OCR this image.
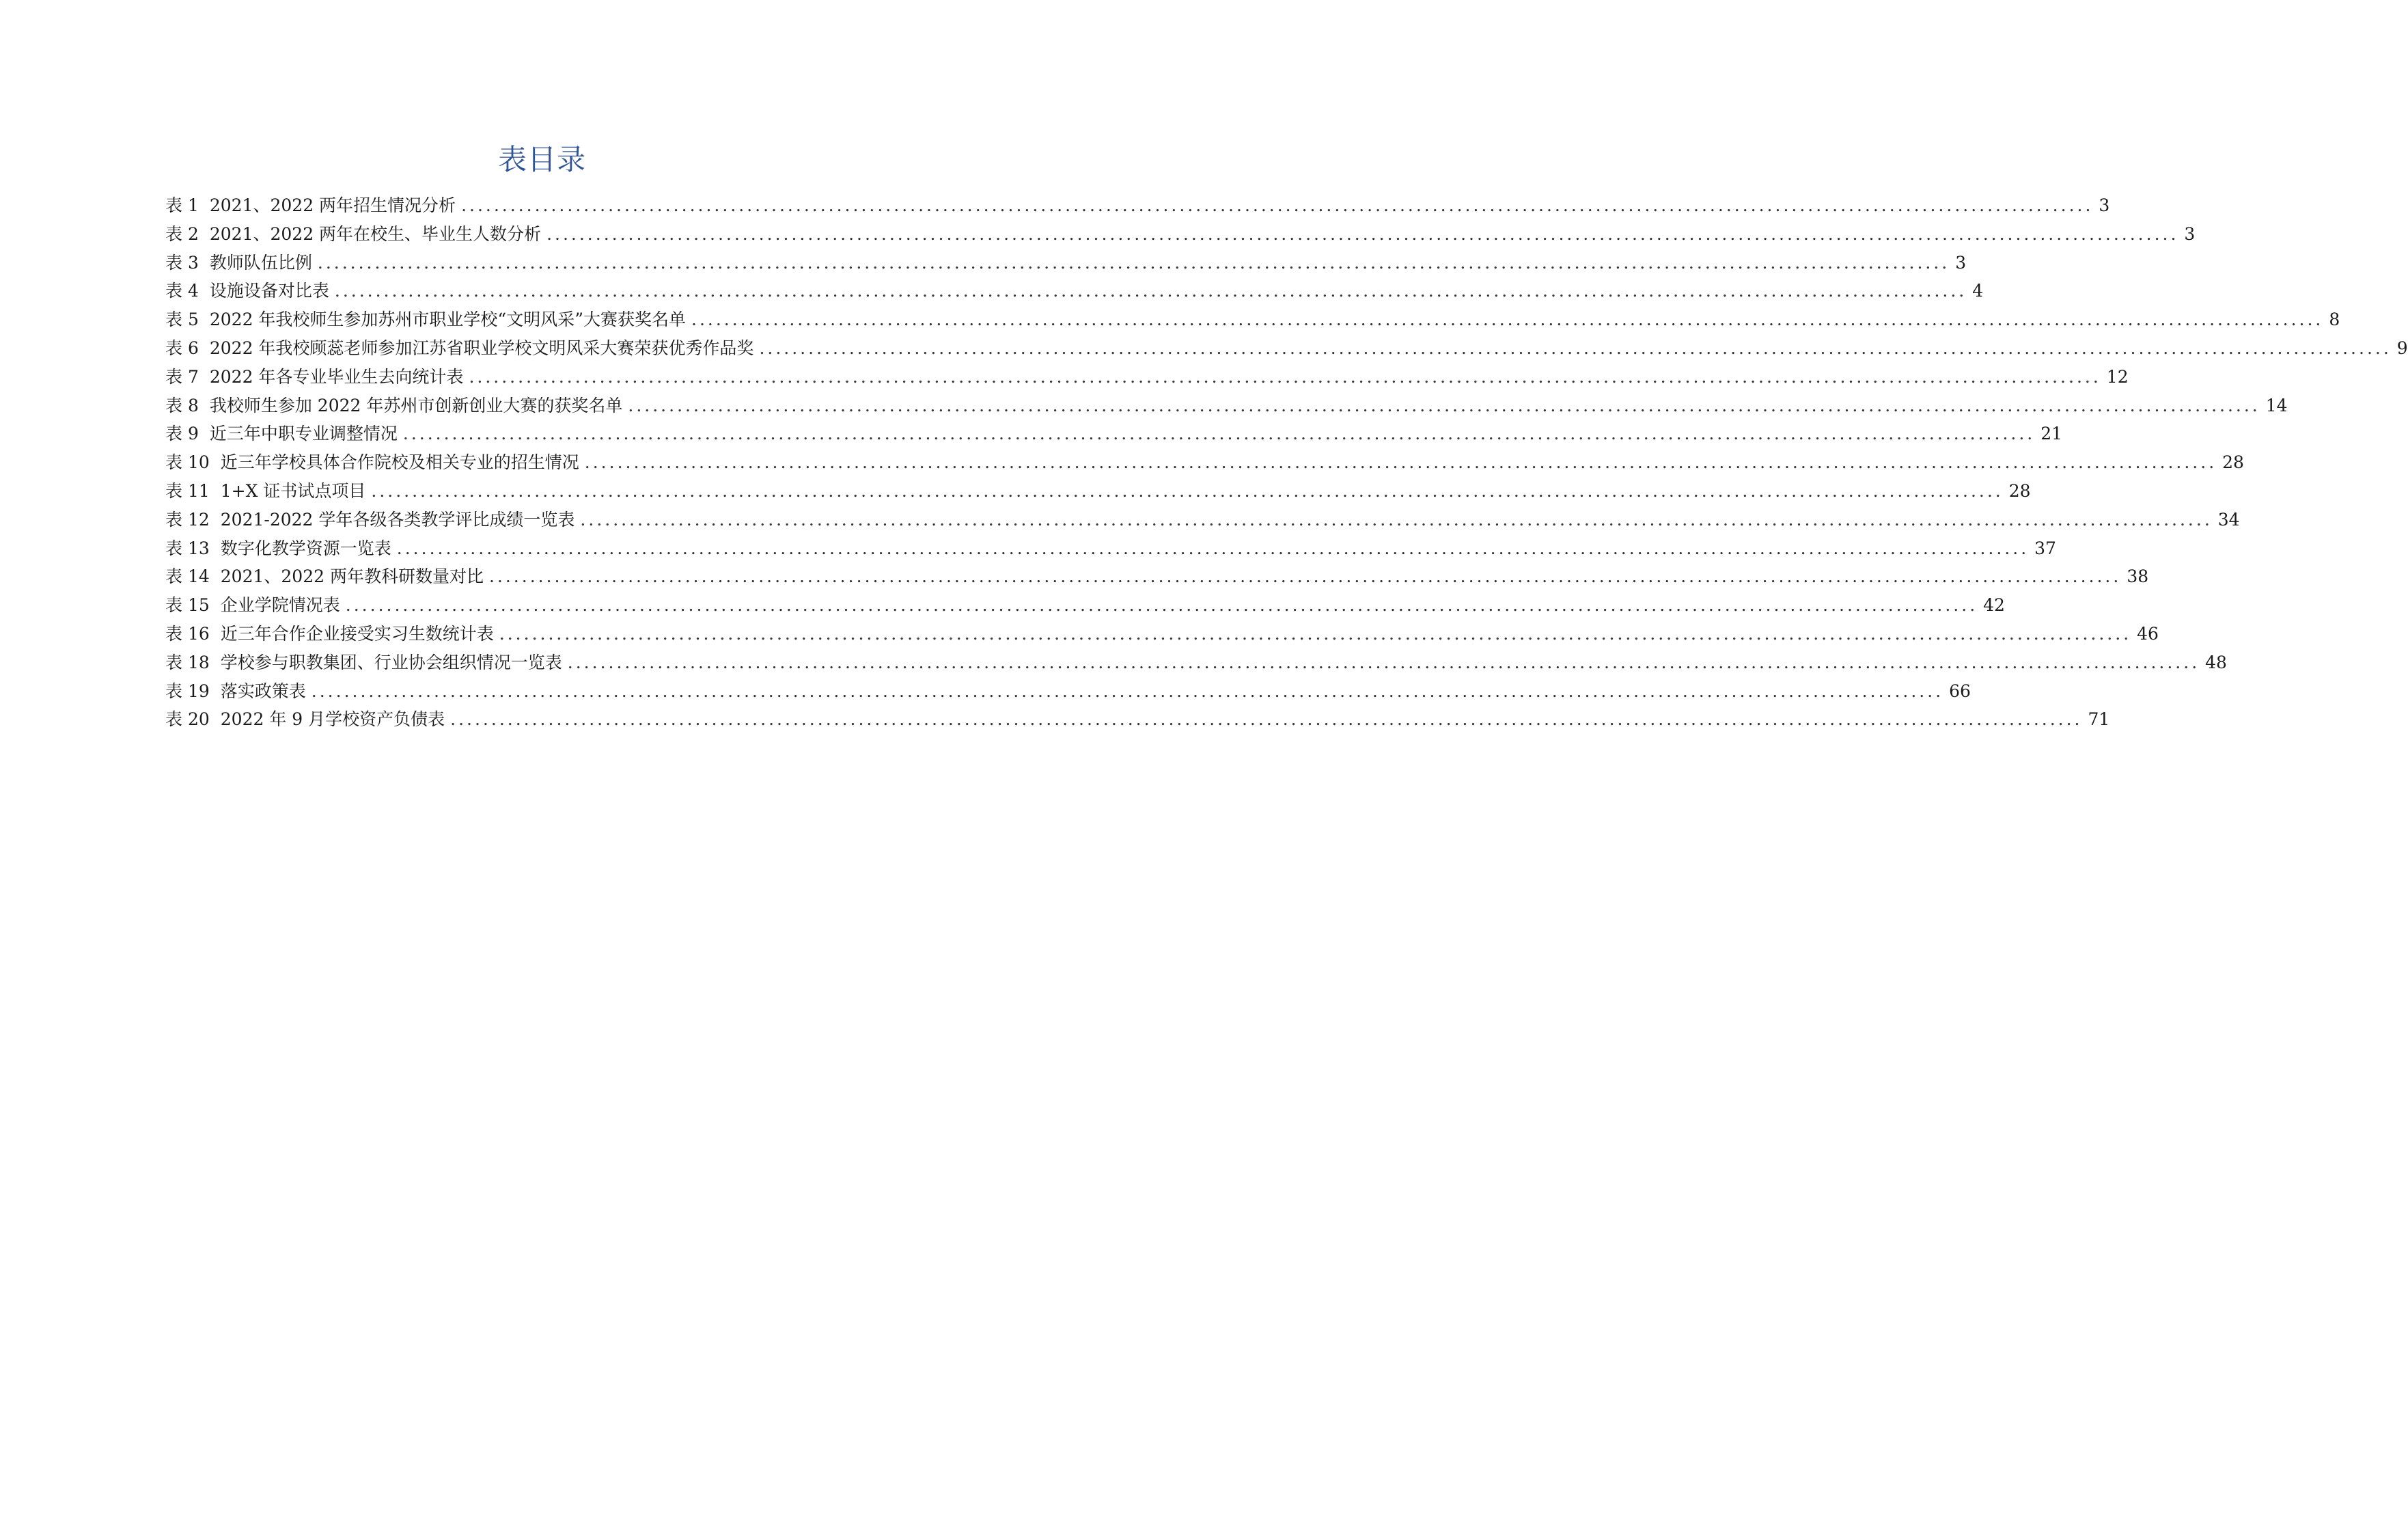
表目录
表 1 2021、2022 两年招生情况分析 ........................................................................................................................................................................................................ 3
表 2 2021、2022 两年在校生、毕业生人数分析 ........................................................................................................................................................................................................ 3
表 3 教师队伍比例 ........................................................................................................................................................................................................ 3
表 4 设施设备对比表 ........................................................................................................................................................................................................ 4
表 5 2022 年我校师生参加苏州市职业学校“文明风采”大赛获奖名单 ........................................................................................................................................................................................................ 8
表 6 2022 年我校顾蕊老师参加江苏省职业学校文明风采大赛荣获优秀作品奖 ........................................................................................................................................................................................................ 9
表 7 2022 年各专业毕业生去向统计表 ........................................................................................................................................................................................................ 12
表 8 我校师生参加 2022 年苏州市创新创业大赛的获奖名单 ........................................................................................................................................................................................................ 14
表 9 近三年中职专业调整情况 ........................................................................................................................................................................................................ 21
表 10 近三年学校具体合作院校及相关专业的招生情况 ........................................................................................................................................................................................................ 28
表 11 1+X 证书试点项目 ........................................................................................................................................................................................................ 28
表 12 2021-2022 学年各级各类教学评比成绩一览表 ........................................................................................................................................................................................................ 34
表 13 数字化教学资源一览表 ........................................................................................................................................................................................................ 37
表 14 2021、2022 两年教科研数量对比 ........................................................................................................................................................................................................ 38
表 15 企业学院情况表 ........................................................................................................................................................................................................ 42
表 16 近三年合作企业接受实习生数统计表 ........................................................................................................................................................................................................ 46
表 18 学校参与职教集团、行业协会组织情况一览表 ........................................................................................................................................................................................................ 48
表 19 落实政策表 ........................................................................................................................................................................................................ 66
表 20 2022 年 9 月学校资产负债表 ........................................................................................................................................................................................................ 71
